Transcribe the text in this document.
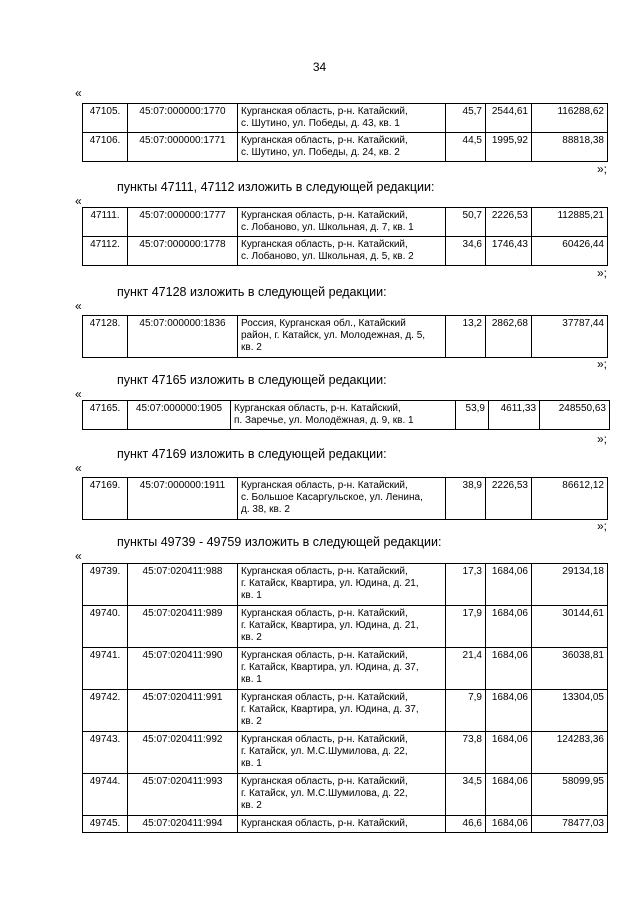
34
«
47105.	45:07:000000:1770	Курганская область, р-н. Катайский,
с. Шутино, ул. Победы, д. 43, кв. 1	45,7	2544,61	116288,62
47106.	45:07:000000:1771	Курганская область, р-н. Катайский,
с. Шутино, ул. Победы, д. 24, кв. 2	44,5	1995,92	88818,38
»;
пункты 47111, 47112 изложить в следующей редакции:
«
47111.	45:07:000000:1777	Курганская область, р-н. Катайский,
с. Лобаново, ул. Школьная, д. 7, кв. 1	50,7	2226,53	112885,21
47112.	45:07:000000:1778	Курганская область, р-н. Катайский,
с. Лобаново, ул. Школьная, д. 5, кв. 2	34,6	1746,43	60426,44
»;
пункт 47128 изложить в следующей редакции:
«
47128.	45:07:000000:1836	Россия, Курганская обл., Катайский
район, г. Катайск, ул. Молодежная, д. 5,
кв. 2
	13,2	2862,68	37787,44
»;
пункт 47165 изложить в следующей редакции:
«
47165.	45:07:000000:1905	Курганская область, р-н. Катайский,
п. Заречье, ул. Молодёжная, д. 9, кв. 1
	53,9	4611,33	248550,63
»;
пункт 47169 изложить в следующей редакции:
«
47169.	45:07:000000:1911	Курганская область, р-н. Катайский,
с. Большое Касаргульское, ул. Ленина,
д. 38, кв. 2
	38,9	2226,53	86612,12
»;
пункты 49739 - 49759 изложить в следующей редакции:
«
49739.	45:07:020411:988	Курганская область, р-н. Катайский,
г. Катайск, Квартира, ул. Юдина, д. 21,
кв. 1	17,3	1684,06	29134,18
49740.	45:07:020411:989	Курганская область, р-н. Катайский,
г. Катайск, Квартира, ул. Юдина, д. 21,
кв. 2	17,9	1684,06	30144,61
49741.	45:07:020411:990	Курганская область, р-н. Катайский,
г. Катайск, Квартира, ул. Юдина, д. 37,
кв. 1	21,4	1684,06	36038,81
49742.	45:07:020411:991	Курганская область, р-н. Катайский,
г. Катайск, Квартира, ул. Юдина, д. 37,
кв. 2	7,9	1684,06	13304,05
49743.	45:07:020411:992	Курганская область, р-н. Катайский,
г. Катайск, ул. М.С.Шумилова, д. 22,
кв. 1	73,8	1684,06	124283,36
49744.	45:07:020411:993	Курганская область, р-н. Катайский,
г. Катайск, ул. М.С.Шумилова, д. 22,
кв. 2	34,5	1684,06	58099,95
49745.	45:07:020411:994	Курганская область, р-н. Катайский,	46,6	1684,06	78477,03
